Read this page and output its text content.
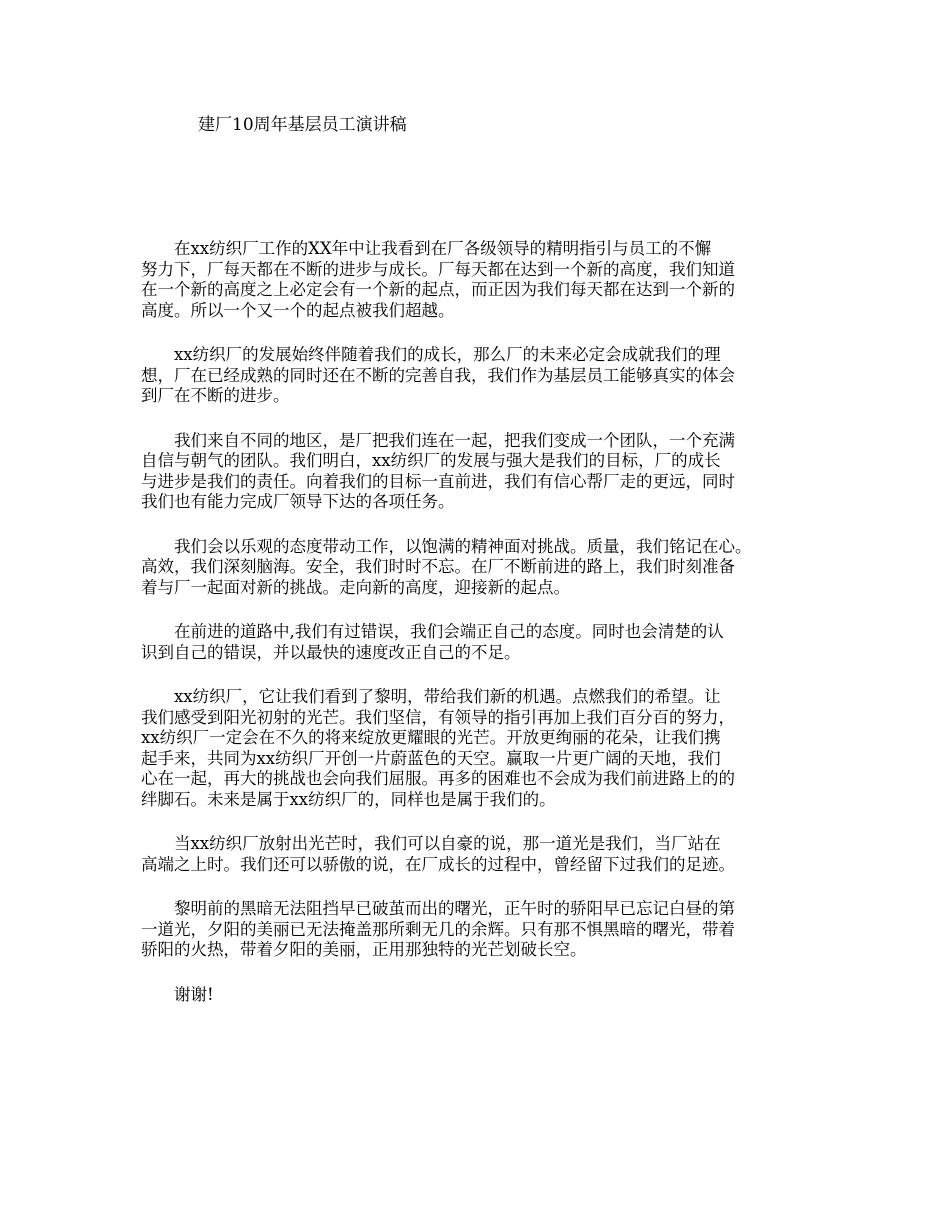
建厂10周年基层员工演讲稿
　　在xx纺织厂工作的XX年中让我看到在厂各级领导的精明指引与员工的不懈
努力下，厂每天都在不断的进步与成长。厂每天都在达到一个新的高度，我们知道
在一个新的高度之上必定会有一个新的起点，而正因为我们每天都在达到一个新的
高度。所以一个又一个的起点被我们超越。
　　xx纺织厂的发展始终伴随着我们的成长，那么厂的未来必定会成就我们的理
想，厂在已经成熟的同时还在不断的完善自我，我们作为基层员工能够真实的体会
到厂在不断的进步。
　　我们来自不同的地区，是厂把我们连在一起，把我们变成一个团队，一个充满
自信与朝气的团队。我们明白，xx纺织厂的发展与强大是我们的目标，厂的成长
与进步是我们的责任。向着我们的目标一直前进，我们有信心帮厂走的更远，同时
我们也有能力完成厂领导下达的各项任务。
　　我们会以乐观的态度带动工作，以饱满的精神面对挑战。质量，我们铭记在心。
高效，我们深刻脑海。安全，我们时时不忘。在厂不断前进的路上，我们时刻准备
着与厂一起面对新的挑战。走向新的高度，迎接新的起点。
　　在前进的道路中,我们有过错误，我们会端正自己的态度。同时也会清楚的认
识到自己的错误，并以最快的速度改正自己的不足。
　　xx纺织厂，它让我们看到了黎明，带给我们新的机遇。点燃我们的希望。让
我们感受到阳光初射的光芒。我们坚信，有领导的指引再加上我们百分百的努力，
xx纺织厂一定会在不久的将来绽放更耀眼的光芒。开放更绚丽的花朵，让我们携
起手来，共同为xx纺织厂开创一片蔚蓝色的天空。赢取一片更广阔的天地，我们
心在一起，再大的挑战也会向我们屈服。再多的困难也不会成为我们前进路上的的
绊脚石。未来是属于xx纺织厂的，同样也是属于我们的。
　　当xx纺织厂放射出光芒时，我们可以自豪的说，那一道光是我们，当厂站在
高端之上时。我们还可以骄傲的说，在厂成长的过程中，曾经留下过我们的足迹。
　　黎明前的黑暗无法阻挡早已破茧而出的曙光，正午时的骄阳早已忘记白昼的第
一道光，夕阳的美丽已无法掩盖那所剩无几的余辉。只有那不惧黑暗的曙光，带着
骄阳的火热，带着夕阳的美丽，正用那独特的光芒划破长空。
　　谢谢!
